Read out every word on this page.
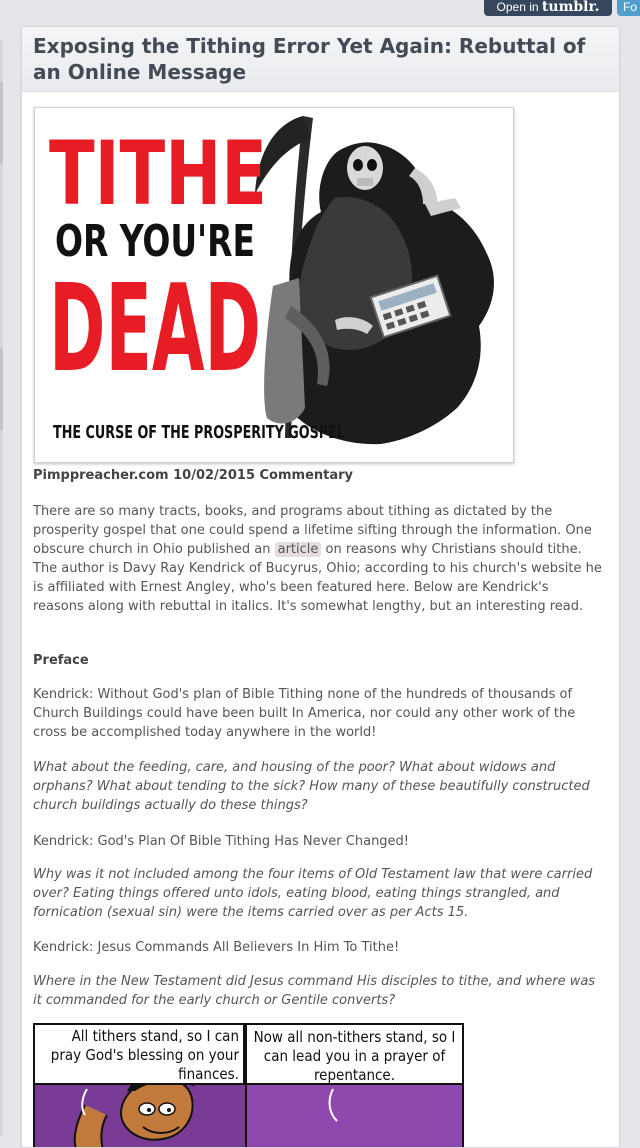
Open in tumblr.	Fo
Exposing the Tithing Error Yet Again: Rebuttal of an Online Message
TITHE
OR YOU'RE
DEAD
THE CURSE OF THE PROSPERITY GOSPEL

Pimppreacher.com 10/02/2015 Commentary

There are so many tracts, books, and programs about tithing as dictated by the prosperity gospel that one could spend a lifetime sifting through the information. One obscure church in Ohio published an article on reasons why Christians should tithe. The author is Davy Ray Kendrick of Bucyrus, Ohio; according to his church's website he is affiliated with Ernest Angley, who's been featured here. Below are Kendrick's reasons along with rebuttal in italics. It's somewhat lengthy, but an interesting read.

Preface

Kendrick: Without God's plan of Bible Tithing none of the hundreds of thousands of Church Buildings could have been built In America, nor could any other work of the cross be accomplished today anywhere in the world!

What about the feeding, care, and housing of the poor? What about widows and orphans? What about tending to the sick? How many of these beautifully constructed church buildings actually do these things?

Kendrick: God's Plan Of Bible Tithing Has Never Changed!

Why was it not included among the four items of Old Testament law that were carried over? Eating things offered unto idols, eating blood, eating things strangled, and fornication (sexual sin) were the items carried over as per Acts 15.

Kendrick: Jesus Commands All Believers In Him To Tithe!

Where in the New Testament did Jesus command His disciples to tithe, and where was it commanded for the early church or Gentile converts?

All tithers stand, so I can pray God's blessing on your finances.
Now all non-tithers stand, so I can lead you in a prayer of repentance.
